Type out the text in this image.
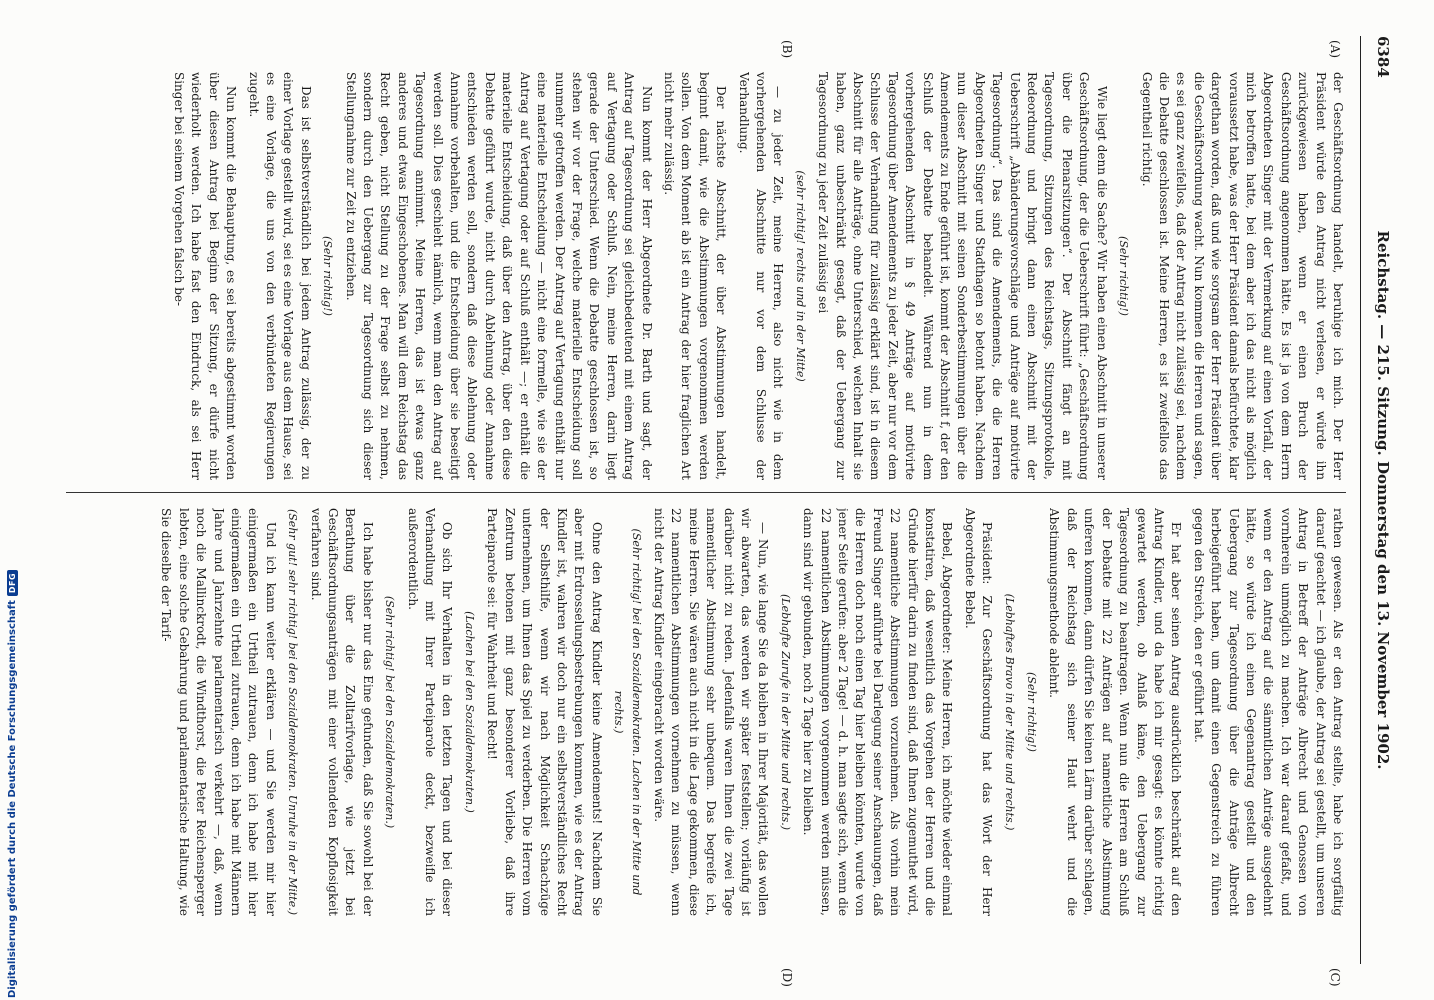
6384
Reichstag. — 215. Sitzung. Donnerstag den 13. November 1902.
(A)
(B)
(C)
(D)

der Geschäftsordnung handelt, beruhige ich mich. Der Herr Präsident würde den Antrag nicht verlesen, er würde ihn zurückgewiesen haben, wenn er einen Bruch der Geschäftsordnung angenommen hätte. Es ist ja von dem Herrn Abgeordneten Singer mit der Vermerkung auf einen Vorfall, der mich betroffen hatte, bei dem aber ich das nicht als möglich voraussetzt habe, was der Herr Präsident damals befürchtete, klar dargethan worden, daß und wie sorgsam der Herr Präsident über die Geschäftsordnung wacht. Nun kommen die Herren und sagen, es sei ganz zweifellos, daß der Antrag nicht zulässig sei, nachdem die Debatte geschlossen ist. Meine Herren, es ist zweifellos das Gegentheil richtig.

(Sehr richtig!)

Wie liegt denn die Sache? Wir haben einen Abschnitt in unserer Geschäftsordnung, der die Ueberschrift führt: „Geschäftsordnung über die Plenarsitzungen“. Der Abschnitt fängt an mit Tagesordnung, Sitzungen des Reichstags, Sitzungsprotokolle, Redeordnung und bringt dann einen Abschnitt mit der Ueberschrift „Abänderungsvorschläge und Anträge auf motivirte Tagesordnung“. Das sind die Amendements, die die Herren Abgeordneten Singer und Stadthagen so betont haben. Nachdem nun dieser Abschnitt mit seinen Sonderbestimmungen über die Amendements zu Ende geführt ist, kommt der Abschnitt f, der den Schluß der Debatte behandelt. Während nun in dem vorhergehenden Abschnitt in § 49 Anträge auf motivirte Tagesordnung über Amendements zu jeder Zeit, aber nur vor dem Schlusse der Verhandlung für zulässig erklärt sind, ist in diesem Abschnitt für alle Anträge, ohne Unterschied, welchen Inhalt sie haben, ganz unbeschränkt gesagt, daß der Uebergang zur Tagesordnung zu jeder Zeit zulässig sei

(sehr richtig! rechts und in der Mitte)

— zu jeder Zeit, meine Herren, also nicht wie in dem vorhergehenden Abschnitte nur vor dem Schlusse der Verhandlung.

Der nächste Abschnitt, der über Abstimmungen handelt, beginnt damit, wie die Abstimmungen vorgenommen werden sollen. Von dem Moment ab ist ein Antrag der hier fraglichen Art nicht mehr zulässig.

Nun kommt der Herr Abgeordnete Dr. Barth und sagt, der Antrag auf Tagesordnung sei gleichbedeutend mit einem Antrag auf Vertagung oder Schluß. Nein, meine Herren, darin liegt gerade der Unterschied. Wenn die Debatte geschlossen ist, so stehen wir vor der Frage, welche materielle Entscheidung soll nunmehr getroffen werden. Der Antrag auf Vertagung enthält nur eine materielle Entscheidung — nicht eine formelle, wie sie der Antrag auf Vertagung oder auf Schluß enthält —; er enthält die materielle Entscheidung, daß über den Antrag, über den diese Debatte geführt wurde, nicht durch Ablehnung oder Annahme entschieden werden soll, sondern daß diese Ablehnung oder Annahme vorbehalten, und die Entscheidung über sie beseitigt werden soll. Dies geschieht nämlich, wenn man den Antrag auf Tagesordnung annimmt. Meine Herren, das ist etwas ganz anderes und etwas Eingeschobenes. Man will dem Reichstag das Recht geben, nicht Stellung zu der Frage selbst zu nehmen, sondern durch den Uebergang zur Tagesordnung sich dieser Stellungnahme zur Zeit zu entziehen.

(Sehr richtig!)

Das ist selbstverständlich bei jedem Antrag zulässig, der zu einer Vorlage gestellt wird, sei es eine Vorlage aus dem Hause, sei es eine Vorlage, die uns von den verbündeten Regierungen zugeht.

Nun kommt die Behauptung, es sei bereits abgestimmt worden über diesen Antrag bei Beginn der Sitzung, er dürfe nicht wiederholt werden. Ich habe fast den Eindruck, als sei Herr Singer bei seinem Vorgehen falsch be-

rathen gewesen. Als er den Antrag stellte, habe ich sorgfältig darauf geachtet — ich glaube, der Antrag sei gestellt, um unseren Antrag in Betreff der Anträge Albrecht und Genossen von vornherein unmöglich zu machen. Ich war darauf gefaßt, und wenn er den Antrag auf die sämmtlichen Anträge ausgedehnt hätte, so würde ich einen Gegenantrag gestellt und den Uebergang zur Tagesordnung über die Anträge Albrecht herbeigeführt haben, um damit einen Gegenstreich zu führen gegen den Streich, den er geführt hat.

Er hat aber seinen Antrag ausdrücklich beschränkt auf den Antrag Kindler, und da habe ich mir gesagt: es könnte richtig gewartet werden, ob Anlaß käme, den Uebergang zur Tagesordnung zu beantragen. Wenn nun die Herren am Schluß der Debatte mit 22 Anträgen auf namentliche Abstimmung unferen kommen, dann dürfen Sie keinen Lärm darüber schlagen, daß der Reichstag sich seiner Haut wehrt und die Abstimmungsmethode ablehnt.

(Sehr richtig!)

(Lebhaftes Bravo in der Mitte und rechts.)

Präsident: Zur Geschäftsordnung hat das Wort der Herr Abgeordnete Bebel.

Bebel, Abgeordneter: Meine Herren, ich möchte wieder einmal konstatiren, daß wesentlich das Vorgehen der Herren und die Gründe hierfür darin zu finden sind, daß Ihnen zugemuthet wird, 22 namentliche Abstimmungen vorzunehmen. Als vorhin mein Freund Singer anführte bei Darlegung seiner Anschauungen, daß die Herren doch noch einen Tag hier bleiben könnten, wurde von jener Seite gerufen: aber 2 Tage! — d. h. man sagte sich, wenn die 22 namentlichen Abstimmungen vorgenommen werden müssen, dann sind wir gebunden, noch 2 Tage hier zu bleiben.

(Lebhafte Zurufe in der Mitte und rechts.)

— Nun, wie lange Sie da bleiben in Ihrer Majorität, das wollen wir abwarten, das werden wir später feststellen; vorläufig ist darüber nicht zu reden. Jedenfalls waren Ihnen die zwei Tage namentlicher Abstimmung sehr unbequem. Das begreife ich, meine Herren. Sie wären auch nicht in die Lage gekommen, diese 22 namentlichen Abstimmungen vornehmen zu müssen, wenn nicht der Antrag Kindler eingebracht worden wäre.

(Sehr richtig! bei den Sozialdemokraten. Lachen in der Mitte und rechts.)

Ohne den Antrag Kindler keine Amendements! Nachdem Sie aber mit Erdrosselungsbestrebungen kommen, wie es der Antrag Kindler ist, wahren wir doch nur ein selbstverständliches Recht der Selbsthilfe, wenn wir nach Möglichkeit Schachzüge unternehmen, um Ihnen das Spiel zu verderben. Die Herren vom Zentrum betonen mit ganz besonderer Vorliebe, daß ihre Parteiparole sei: für Wahrheit und Recht!

(Lachen bei den Sozialdemokraten.)

Ob sich Ihr Verhalten in den letzten Tagen und bei dieser Verhandlung mit Ihrer Parteiparole deckt, bezweifle ich außerordentlich.

(Sehr richtig! bei den Sozialdemokraten.)

Ich habe bisher nur das Eine gefunden, daß Sie sowohl bei der Berathung über die Zolltarifvorlage, wie jetzt bei Geschäftsordnungsanträgen mit einer vollendeten Kopflosigkeit verfahren sind.

(Sehr gut! sehr richtig! bei den Sozialdemokraten. Unruhe in der Mitte.)

Und ich kann weiter erklären — und Sie werden mir hier einigermaßen ein Urtheil zutrauen, denn ich habe mit hier einigermaßen ein Urtheil zutrauen, denn ich habe mit Männern Jahre und Jahrzehnte parlamentarisch verkehrt —, daß, wenn noch die Mallinckrodt, die Windthorst, die Peter Reichensperger lebten, eine solche Gebahrung und parlamentarische Haltung, wie Sie dieselbe der Tarif-

Digitalisierung gefördert durch die Deutsche Forschungsgemeinschaft
DFG
